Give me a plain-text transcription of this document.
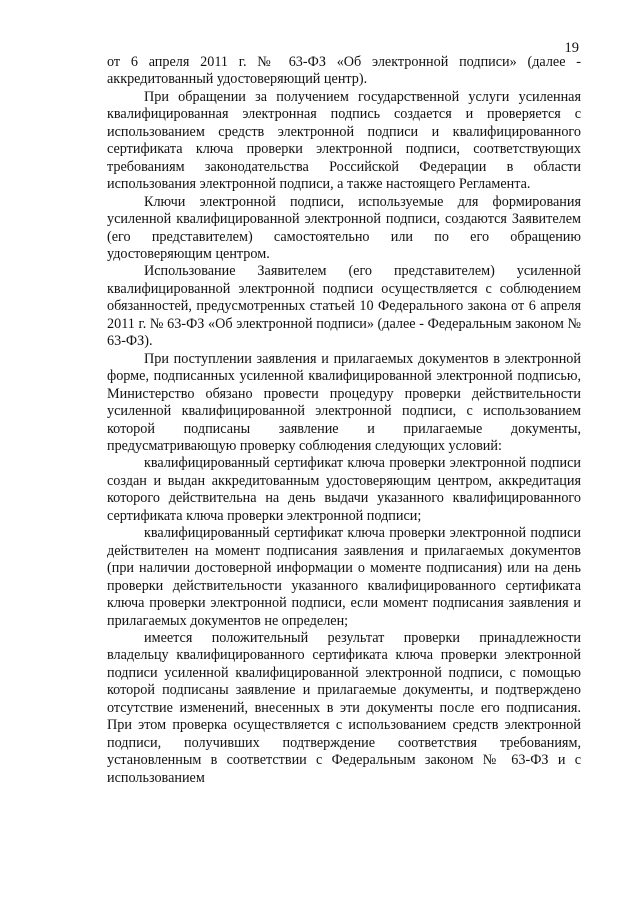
19

от 6 апреля 2011 г. № 63-ФЗ «Об электронной подписи» (далее - аккредитованный удостоверяющий центр).

При обращении за получением государственной услуги усиленная квалифицированная электронная подпись создается и проверяется с использованием средств электронной подписи и квалифицированного сертификата ключа проверки электронной подписи, соответствующих требованиям законодательства Российской Федерации в области использования электронной подписи, а также настоящего Регламента.

Ключи электронной подписи, используемые для формирования усиленной квалифицированной электронной подписи, создаются Заявителем (его представителем) самостоятельно или по его обращению удостоверяющим центром.

Использование Заявителем (его представителем) усиленной квалифицированной электронной подписи осуществляется с соблюдением обязанностей, предусмотренных статьей 10 Федерального закона от 6 апреля 2011 г. № 63-ФЗ «Об электронной подписи» (далее - Федеральным законом № 63-ФЗ).

При поступлении заявления и прилагаемых документов в электронной форме, подписанных усиленной квалифицированной электронной подписью, Министерство обязано провести процедуру проверки действительности усиленной квалифицированной электронной подписи, с использованием которой подписаны заявление и прилагаемые документы, предусматривающую проверку соблюдения следующих условий:

квалифицированный сертификат ключа проверки электронной подписи создан и выдан аккредитованным удостоверяющим центром, аккредитация которого действительна на день выдачи указанного квалифицированного сертификата ключа проверки электронной подписи;

квалифицированный сертификат ключа проверки электронной подписи действителен на момент подписания заявления и прилагаемых документов (при наличии достоверной информации о моменте подписания) или на день проверки действительности указанного квалифицированного сертификата ключа проверки электронной подписи, если момент подписания заявления и прилагаемых документов не определен;

имеется положительный результат проверки принадлежности владельцу квалифицированного сертификата ключа проверки электронной подписи усиленной квалифицированной электронной подписи, с помощью которой подписаны заявление и прилагаемые документы, и подтверждено отсутствие изменений, внесенных в эти документы после его подписания. При этом проверка осуществляется с использованием средств электронной подписи, получивших подтверждение соответствия требованиям, установленным в соответствии с Федеральным законом № 63-ФЗ и с использованием
